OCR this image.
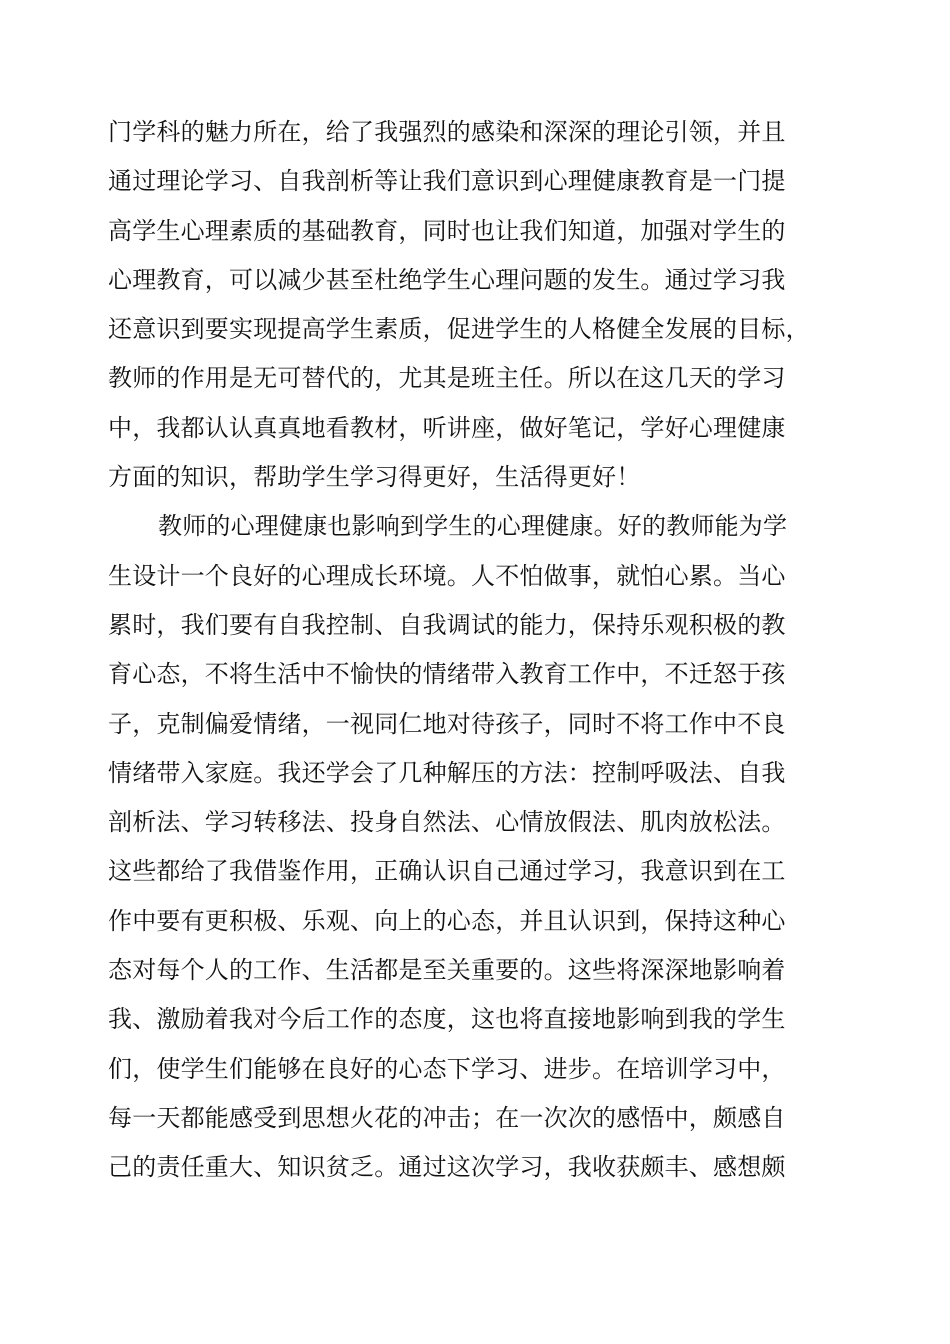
门学科的魅力所在，给了我强烈的感染和深深的理论引领，并且
通过理论学习、自我剖析等让我们意识到心理健康教育是一门提
高学生心理素质的基础教育，同时也让我们知道，加强对学生的
心理教育，可以减少甚至杜绝学生心理问题的发生。通过学习我
还意识到要实现提高学生素质，促进学生的人格健全发展的目标，
教师的作用是无可替代的，尤其是班主任。所以在这几天的学习
中，我都认认真真地看教材，听讲座，做好笔记，学好心理健康
方面的知识，帮助学生学习得更好，生活得更好！
教师的心理健康也影响到学生的心理健康。好的教师能为学
生设计一个良好的心理成长环境。人不怕做事，就怕心累。当心
累时，我们要有自我控制、自我调试的能力，保持乐观积极的教
育心态，不将生活中不愉快的情绪带入教育工作中，不迁怒于孩
子，克制偏爱情绪，一视同仁地对待孩子，同时不将工作中不良
情绪带入家庭。我还学会了几种解压的方法：控制呼吸法、自我
剖析法、学习转移法、投身自然法、心情放假法、肌肉放松法。
这些都给了我借鉴作用，正确认识自己通过学习，我意识到在工
作中要有更积极、乐观、向上的心态，并且认识到，保持这种心
态对每个人的工作、生活都是至关重要的。这些将深深地影响着
我、激励着我对今后工作的态度，这也将直接地影响到我的学生
们，使学生们能够在良好的心态下学习、进步。在培训学习中，
每一天都能感受到思想火花的冲击；在一次次的感悟中，颇感自
己的责任重大、知识贫乏。通过这次学习，我收获颇丰、感想颇
